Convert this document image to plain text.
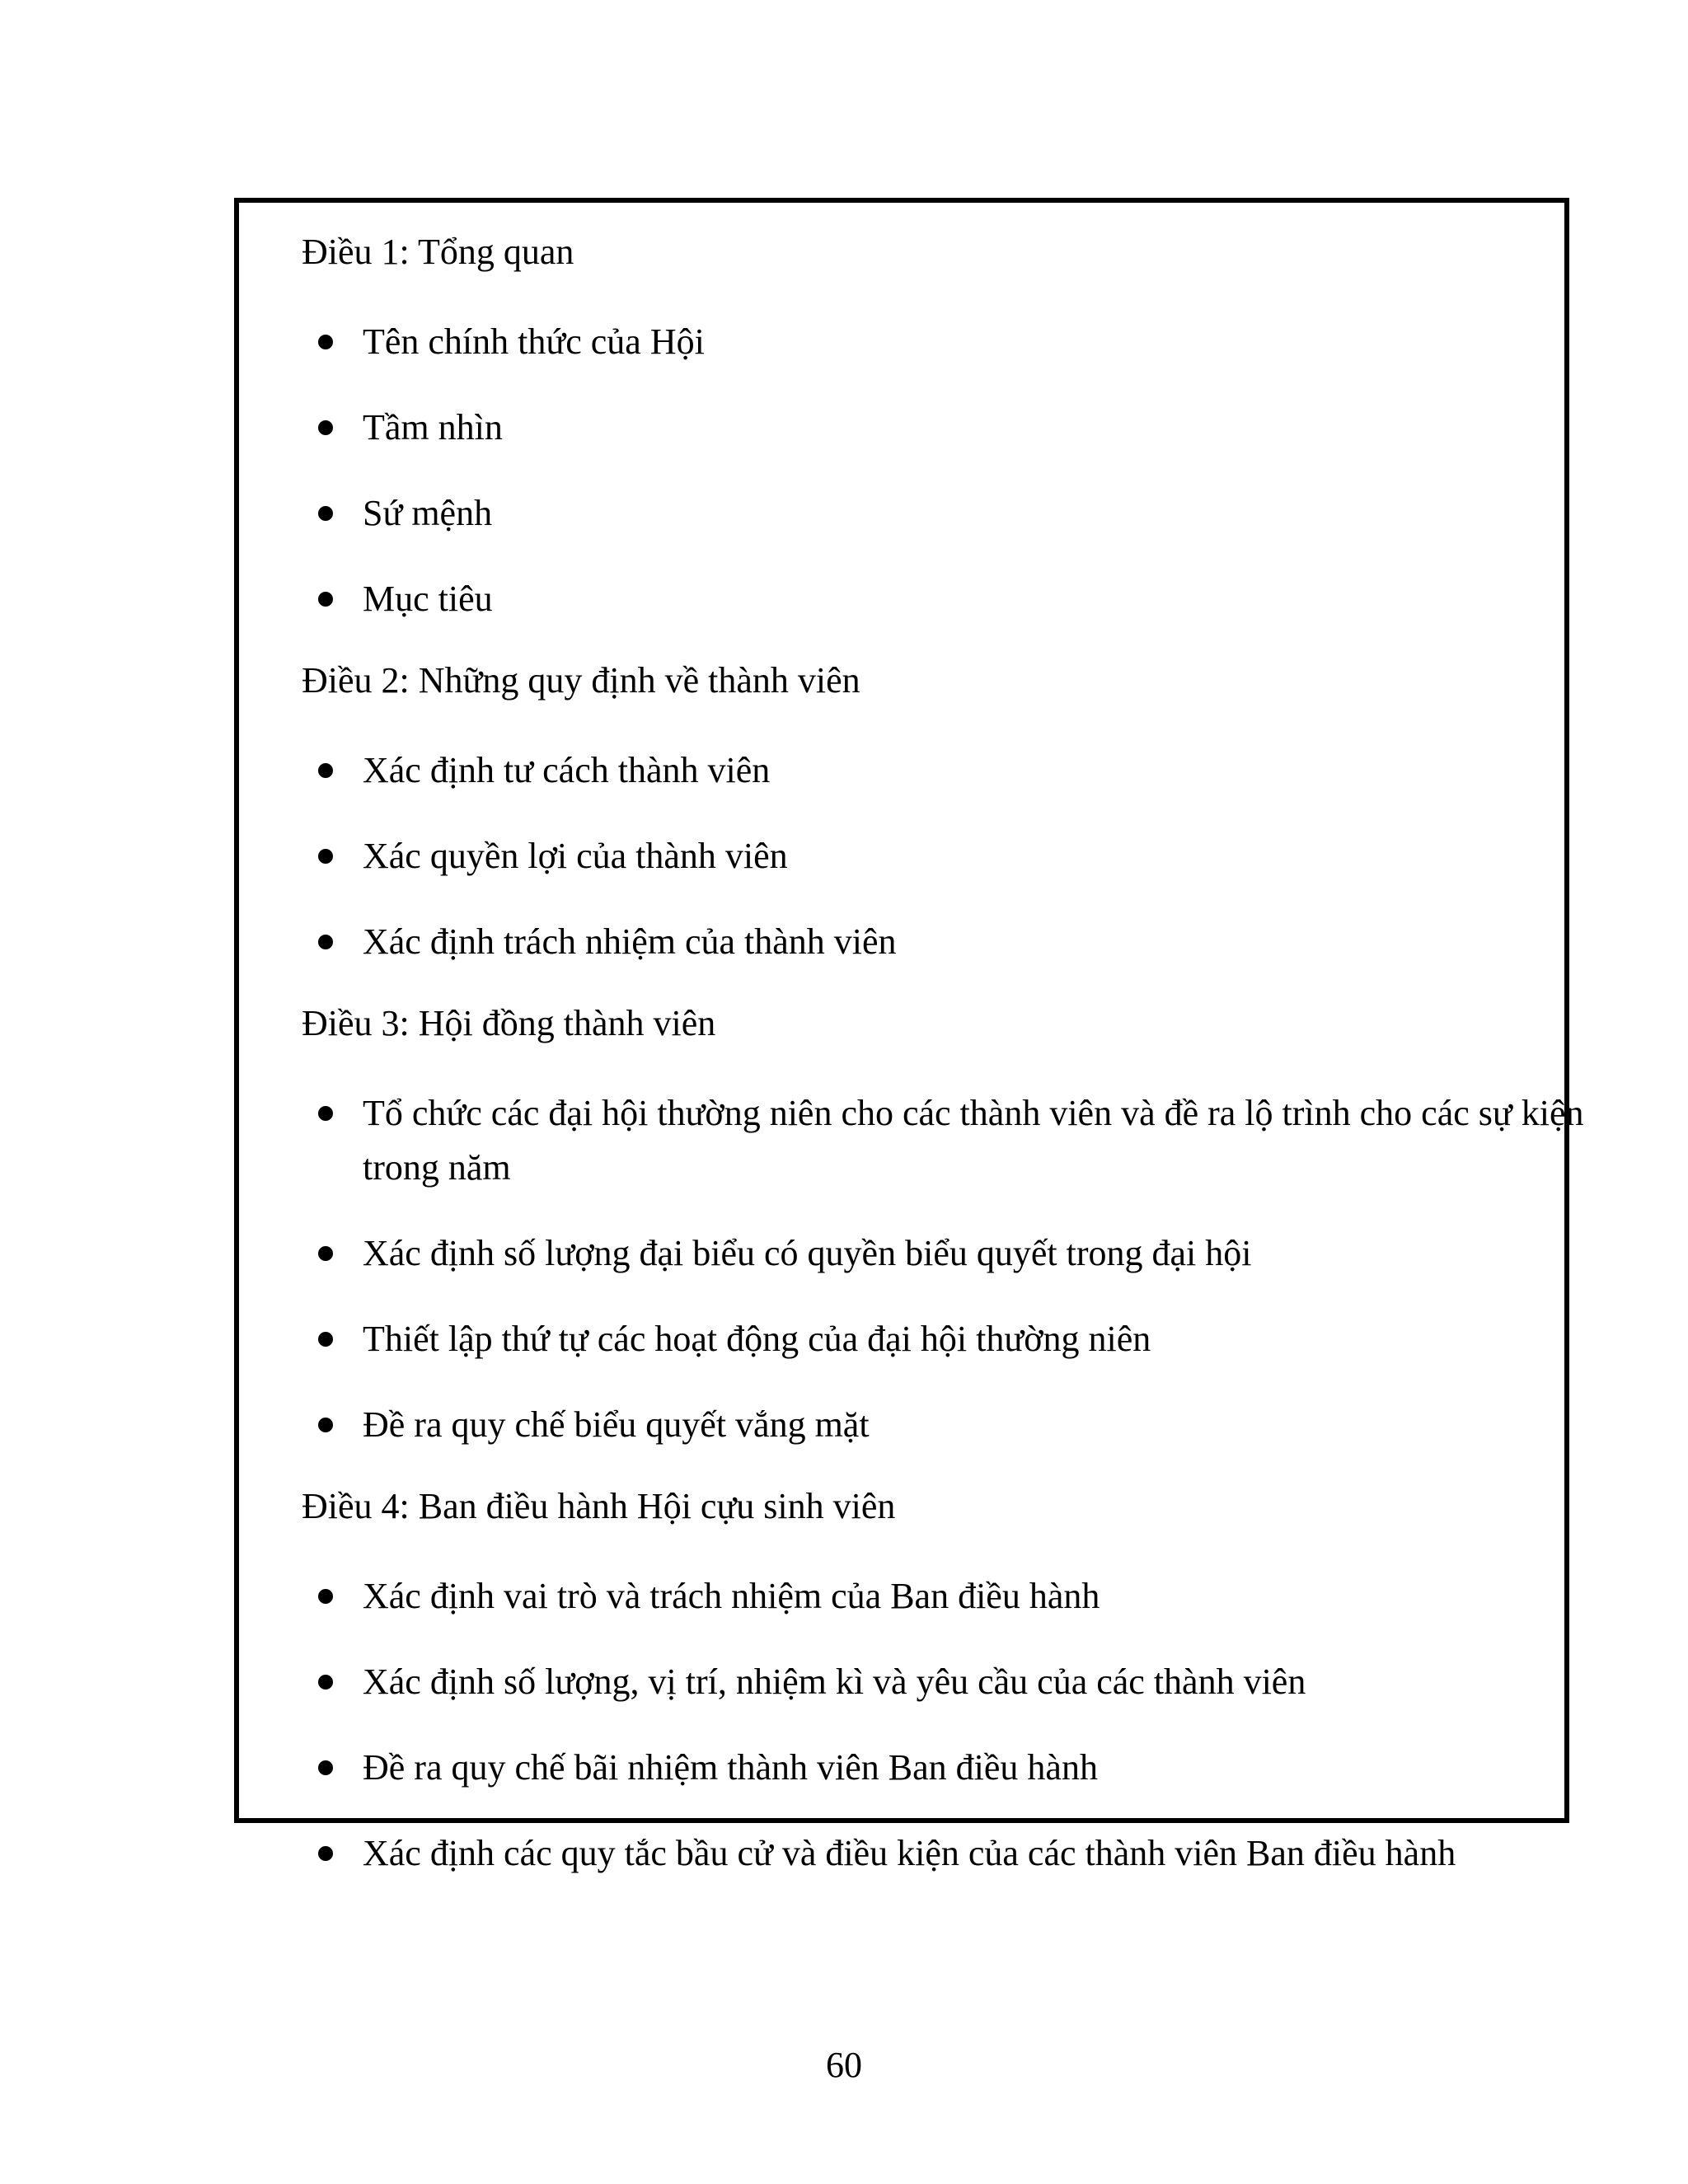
Điều 1: Tổng quan
Tên chính thức của Hội
Tầm nhìn
Sứ mệnh
Mục tiêu
Điều 2: Những quy định về thành viên
Xác định tư cách thành viên
Xác quyền lợi của thành viên
Xác định trách nhiệm của thành viên
Điều 3: Hội đồng thành viên
Tổ chức các đại hội thường niên cho các thành viên và đề ra lộ trình cho các sự kiện trong năm
Xác định số lượng đại biểu có quyền biểu quyết trong đại hội
Thiết lập thứ tự các hoạt động của đại hội thường niên
Đề ra quy chế biểu quyết vắng mặt
Điều 4: Ban điều hành Hội cựu sinh viên
Xác định vai trò và trách nhiệm của Ban điều hành
Xác định số lượng, vị trí, nhiệm kì và yêu cầu của các thành viên
Đề ra quy chế bãi nhiệm thành viên Ban điều hành
Xác định các quy tắc bầu cử và điều kiện của các thành viên Ban điều hành
60
